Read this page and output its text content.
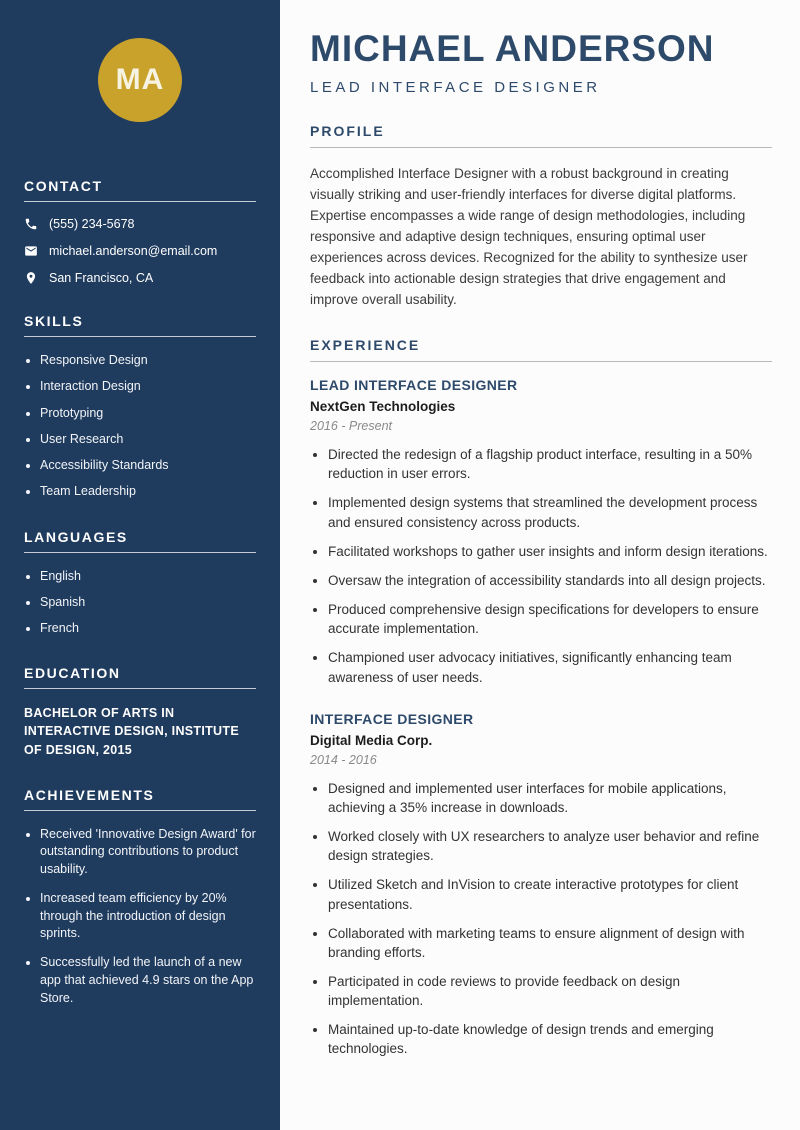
MA
CONTACT
(555) 234-5678
michael.anderson@email.com
San Francisco, CA
SKILLS
• Responsive Design
• Interaction Design
• Prototyping
• User Research
• Accessibility Standards
• Team Leadership
LANGUAGES
• English
• Spanish
• French
EDUCATION

BACHELOR OF ARTS IN INTERACTIVE DESIGN, INSTITUTE OF DESIGN, 2015

ACHIEVEMENTS
• Received 'Innovative Design Award' for outstanding contributions to product usability.
• Increased team efficiency by 20% through the introduction of design sprints.
• Successfully led the launch of a new app that achieved 4.9 stars on the App Store.
MICHAEL ANDERSON
LEAD INTERFACE DESIGNER
PROFILE

Accomplished Interface Designer with a robust background in creating visually striking and user-friendly interfaces for diverse digital platforms. Expertise encompasses a wide range of design methodologies, including responsive and adaptive design techniques, ensuring optimal user experiences across devices. Recognized for the ability to synthesize user feedback into actionable design strategies that drive engagement and improve overall usability.

EXPERIENCE
LEAD INTERFACE DESIGNER
NextGen Technologies
2016 - Present
• Directed the redesign of a flagship product interface, resulting in a 50% reduction in user errors.
• Implemented design systems that streamlined the development process and ensured consistency across products.
• Facilitated workshops to gather user insights and inform design iterations.
• Oversaw the integration of accessibility standards into all design projects.
• Produced comprehensive design specifications for developers to ensure accurate implementation.
• Championed user advocacy initiatives, significantly enhancing team awareness of user needs.
INTERFACE DESIGNER
Digital Media Corp.
2014 - 2016
• Designed and implemented user interfaces for mobile applications, achieving a 35% increase in downloads.
• Worked closely with UX researchers to analyze user behavior and refine design strategies.
• Utilized Sketch and InVision to create interactive prototypes for client presentations.
• Collaborated with marketing teams to ensure alignment of design with branding efforts.
• Participated in code reviews to provide feedback on design implementation.
• Maintained up-to-date knowledge of design trends and emerging technologies.
